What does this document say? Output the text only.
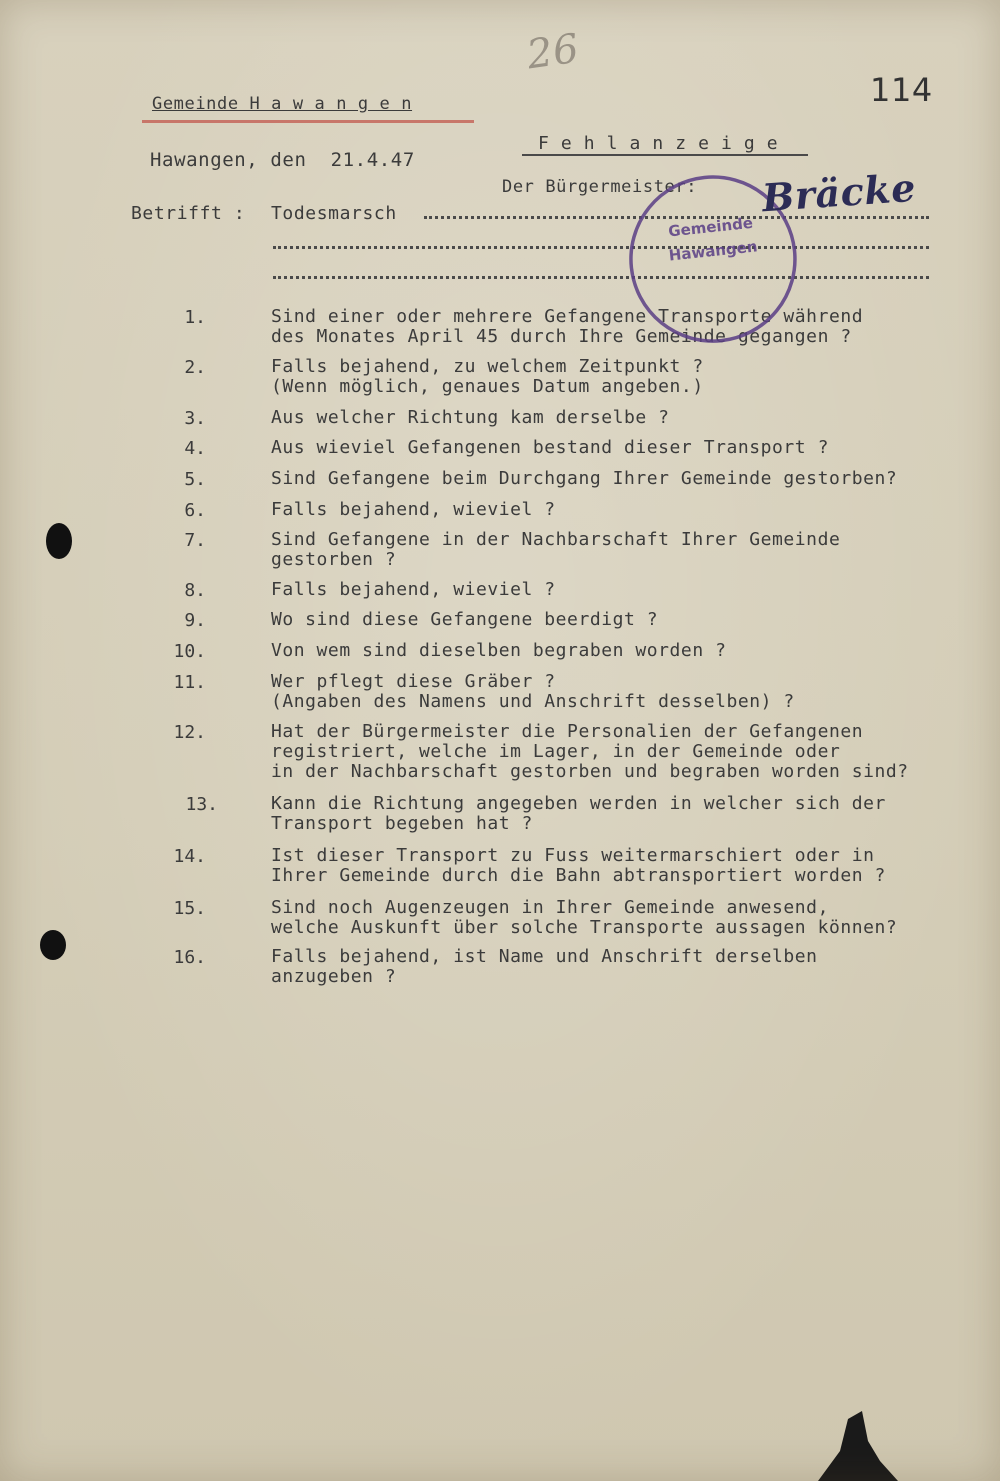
26
114
Gemeinde H a w a n g e n
F e h l a n z e i g e
Hawangen, den  21.4.47
Der Bürgermeister:
Betrifft : Todesmarsch
1.	Sind einer oder mehrere Gefangene Transporte während
des Monates April 45 durch Ihre Gemeinde gegangen ?
2.	Falls bejahend, zu welchem Zeitpunkt ?
(Wenn möglich, genaues Datum angeben.)
3.	Aus welcher Richtung kam derselbe ?
4.	Aus wieviel Gefangenen bestand dieser Transport ?
5.	Sind Gefangene beim Durchgang Ihrer Gemeinde gestorben?
6.	Falls bejahend, wieviel ?
7.	Sind Gefangene in der Nachbarschaft Ihrer Gemeinde
gestorben ?
8.	Falls bejahend, wieviel ?
9.	Wo sind diese Gefangene beerdigt ?
10.	Von wem sind dieselben begraben worden ?
11.	Wer pflegt diese Gräber ?
(Angaben des Namens und Anschrift desselben) ?
12.	Hat der Bürgermeister die Personalien der Gefangenen
registriert, welche im Lager, in der Gemeinde oder
in der Nachbarschaft gestorben und begraben worden sind?
13.	Kann die Richtung angegeben werden in welcher sich der
Transport begeben hat ?
14.	Ist dieser Transport zu Fuss weitermarschiert oder in
Ihrer Gemeinde durch die Bahn abtransportiert worden ?
15.	Sind noch Augenzeugen in Ihrer Gemeinde anwesend,
welche Auskunft über solche Transporte aussagen können?
16.	Falls bejahend, ist Name und Anschrift derselben
anzugeben ?
Gemeinde
Hawangen
Bräcke
